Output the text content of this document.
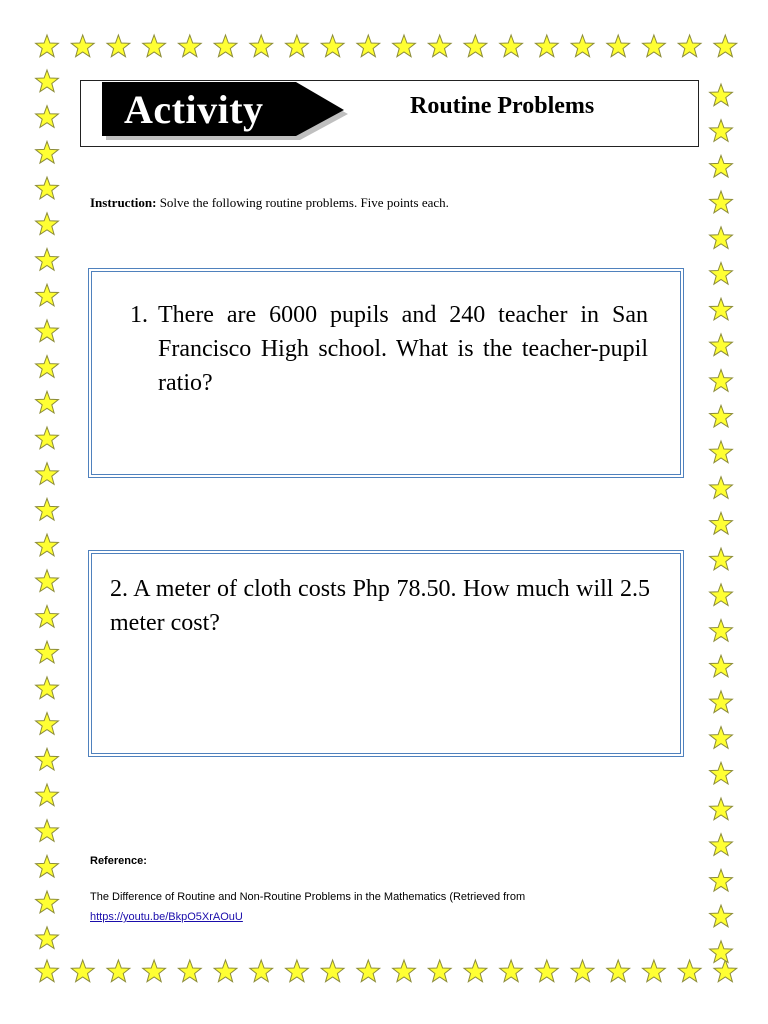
Activity	Routine Problems
Instruction: Solve the following routine problems. Five points each.
1. There are 6000 pupils and 240 teacher in San Francisco High school. What is the teacher-pupil ratio?
2. A meter of cloth costs Php 78.50. How much will 2.5 meter cost?
Reference:
The Difference of Routine and Non-Routine Problems in the Mathematics (Retrieved from
https://youtu.be/BkpO5XrAOuU
